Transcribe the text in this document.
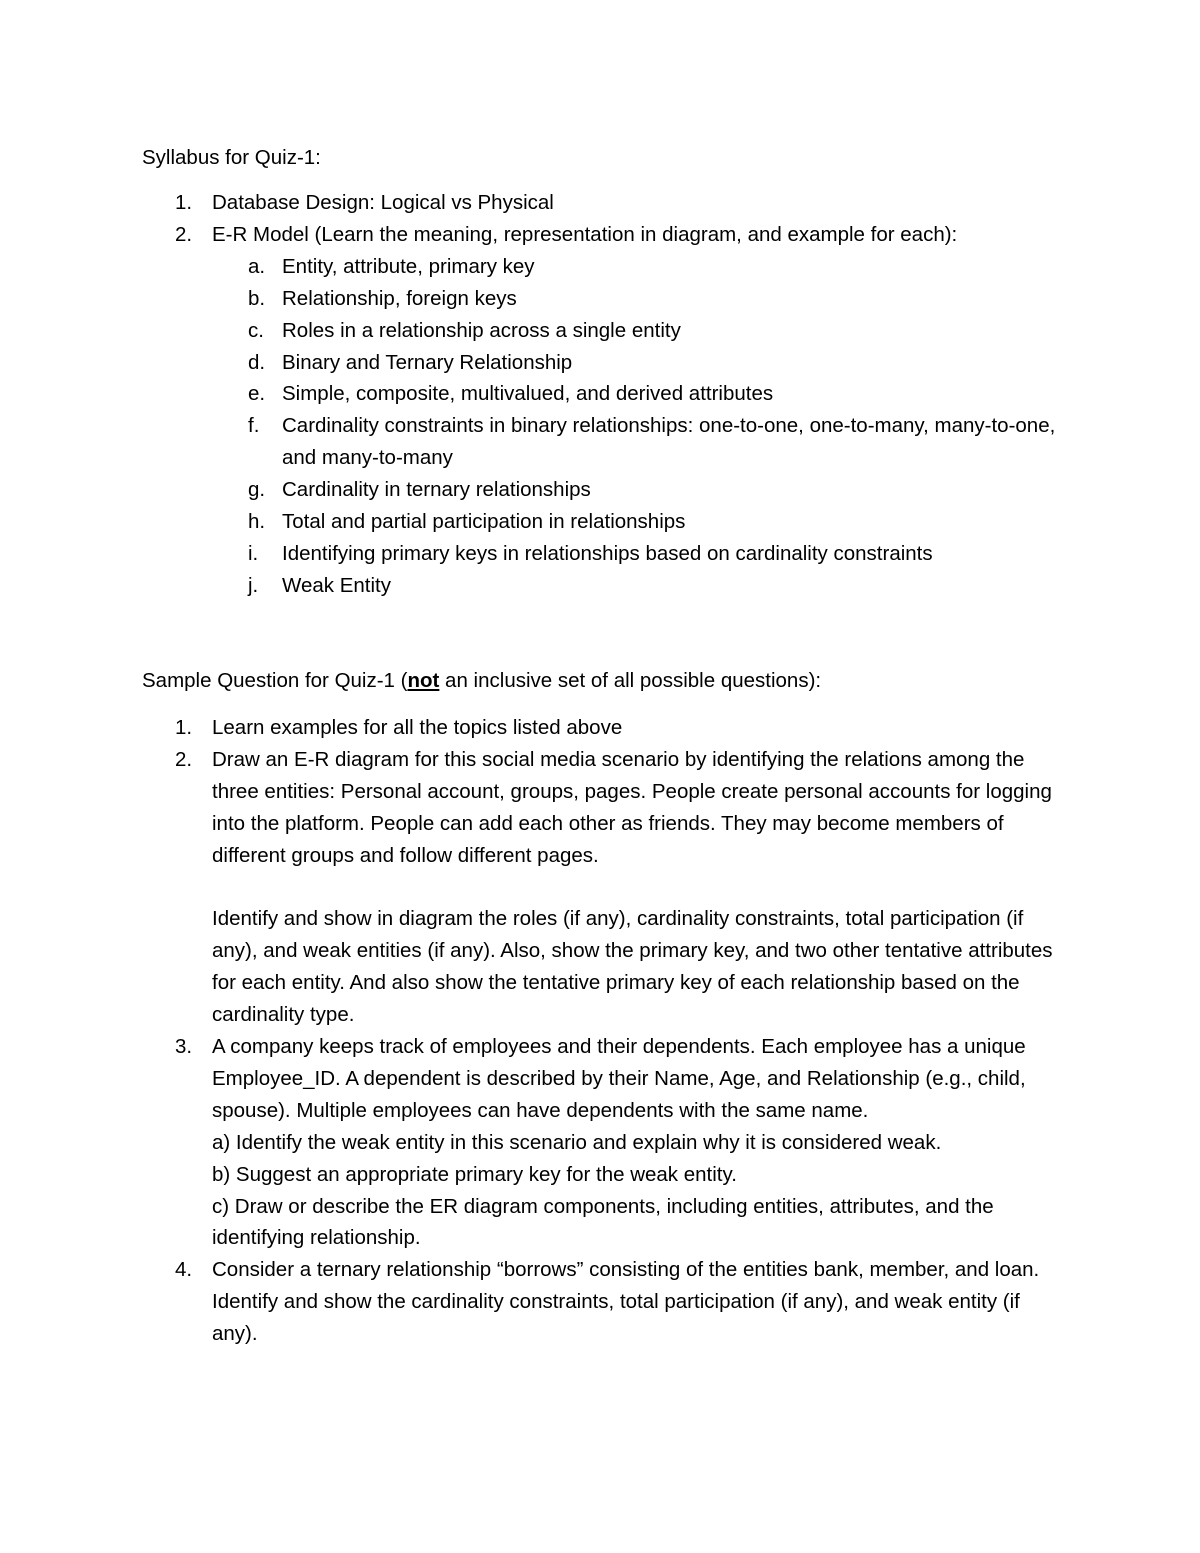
Syllabus for Quiz-1:

1. Database Design: Logical vs Physical
2. E-R Model (Learn the meaning, representation in diagram, and example for each):
a. Entity, attribute, primary key
b. Relationship, foreign keys
c. Roles in a relationship across a single entity
d. Binary and Ternary Relationship
e. Simple, composite, multivalued, and derived attributes
f. Cardinality constraints in binary relationships: one-to-one, one-to-many, many-to-one, and many-to-many
g. Cardinality in ternary relationships
h. Total and partial participation in relationships
i. Identifying primary keys in relationships based on cardinality constraints
j. Weak Entity

Sample Question for Quiz-1 (not an inclusive set of all possible questions):

1. Learn examples for all the topics listed above
2. Draw an E-R diagram for this social media scenario by identifying the relations among the three entities: Personal account, groups, pages. People create personal accounts for logging into the platform. People can add each other as friends. They may become members of different groups and follow different pages.
Identify and show in diagram the roles (if any), cardinality constraints, total participation (if any), and weak entities (if any). Also, show the primary key, and two other tentative attributes for each entity. And also show the tentative primary key of each relationship based on the cardinality type.
3. A company keeps track of employees and their dependents. Each employee has a unique Employee_ID. A dependent is described by their Name, Age, and Relationship (e.g., child, spouse). Multiple employees can have dependents with the same name.
a) Identify the weak entity in this scenario and explain why it is considered weak.
b) Suggest an appropriate primary key for the weak entity.
c) Draw or describe the ER diagram components, including entities, attributes, and the identifying relationship.
4. Consider a ternary relationship “borrows” consisting of the entities bank, member, and loan. Identify and show the cardinality constraints, total participation (if any), and weak entity (if any).
